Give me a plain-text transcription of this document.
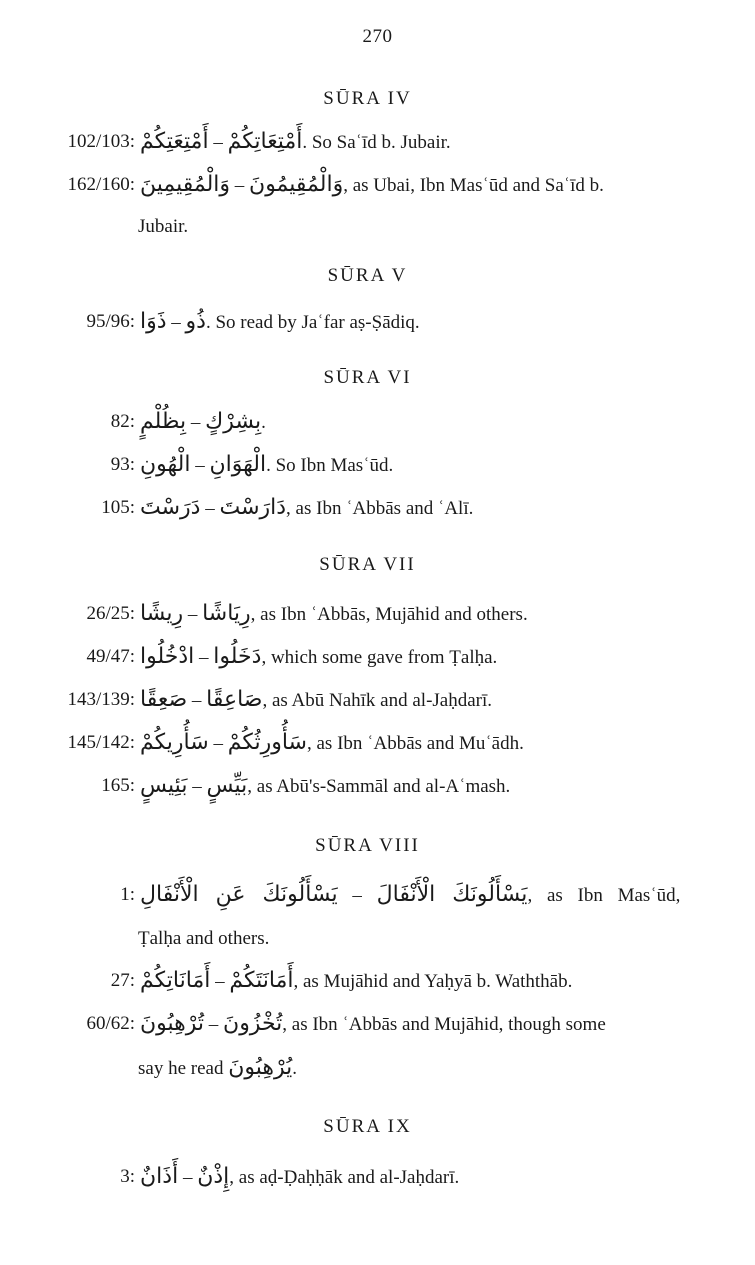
270
SŪRA IV
102/103: أَمْتِعَتِكُمْ – أَمْتِعَاتِكُمْ. So Saʿīd b. Jubair.
162/160: وَالْمُقِيمِينَ – وَالْمُقِيمُونَ, as Ubai, Ibn Masʿūd and Saʿīd b.
Jubair.
SŪRA V
95/96: ذَوَا – ذُو. So read by Jaʿfar aṣ-Ṣādiq.
SŪRA VI
82: بِظُلْمٍ – بِشِرْكٍ.
93: الْهُونِ – الْهَوَانِ. So Ibn Masʿūd.
105: دَرَسْتَ – دَارَسْتَ, as Ibn ʿAbbās and ʿAlī.
SŪRA VII
26/25: رِيشًا – رِيَاشًا, as Ibn ʿAbbās, Mujāhid and others.
49/47: ادْخُلُوا – دَخَلُوا, which some gave from Ṭalḥa.
143/139: صَعِقًا – صَاعِقًا, as Abū Nahīk and al-Jaḥdarī.
145/142: سَأُرِيكُمْ – سَأُورِثُكُمْ, as Ibn ʿAbbās and Muʿādh.
165: بَئِيسٍ – بَيِّسٍ, as Abū's-Sammāl and al-Aʿmash.
SŪRA VIII
1: يَسْأَلُونَكَ عَنِ الْأَنْفَالِ – يَسْأَلُونَكَ الْأَنْفَالَ, as Ibn Masʿūd,
Ṭalḥa and others.
27: أَمَانَاتِكُمْ – أَمَانَتَكُمْ, as Mujāhid and Yaḥyā b. Waththāb.
60/62: تُرْهِبُونَ – تُخْزُونَ, as Ibn ʿAbbās and Mujāhid, though some
say he read يُرْهِبُونَ.
SŪRA IX
3: أَذَانٌ – إِذْنٌ, as aḍ-Ḍaḥḥāk and al-Jaḥdarī.
